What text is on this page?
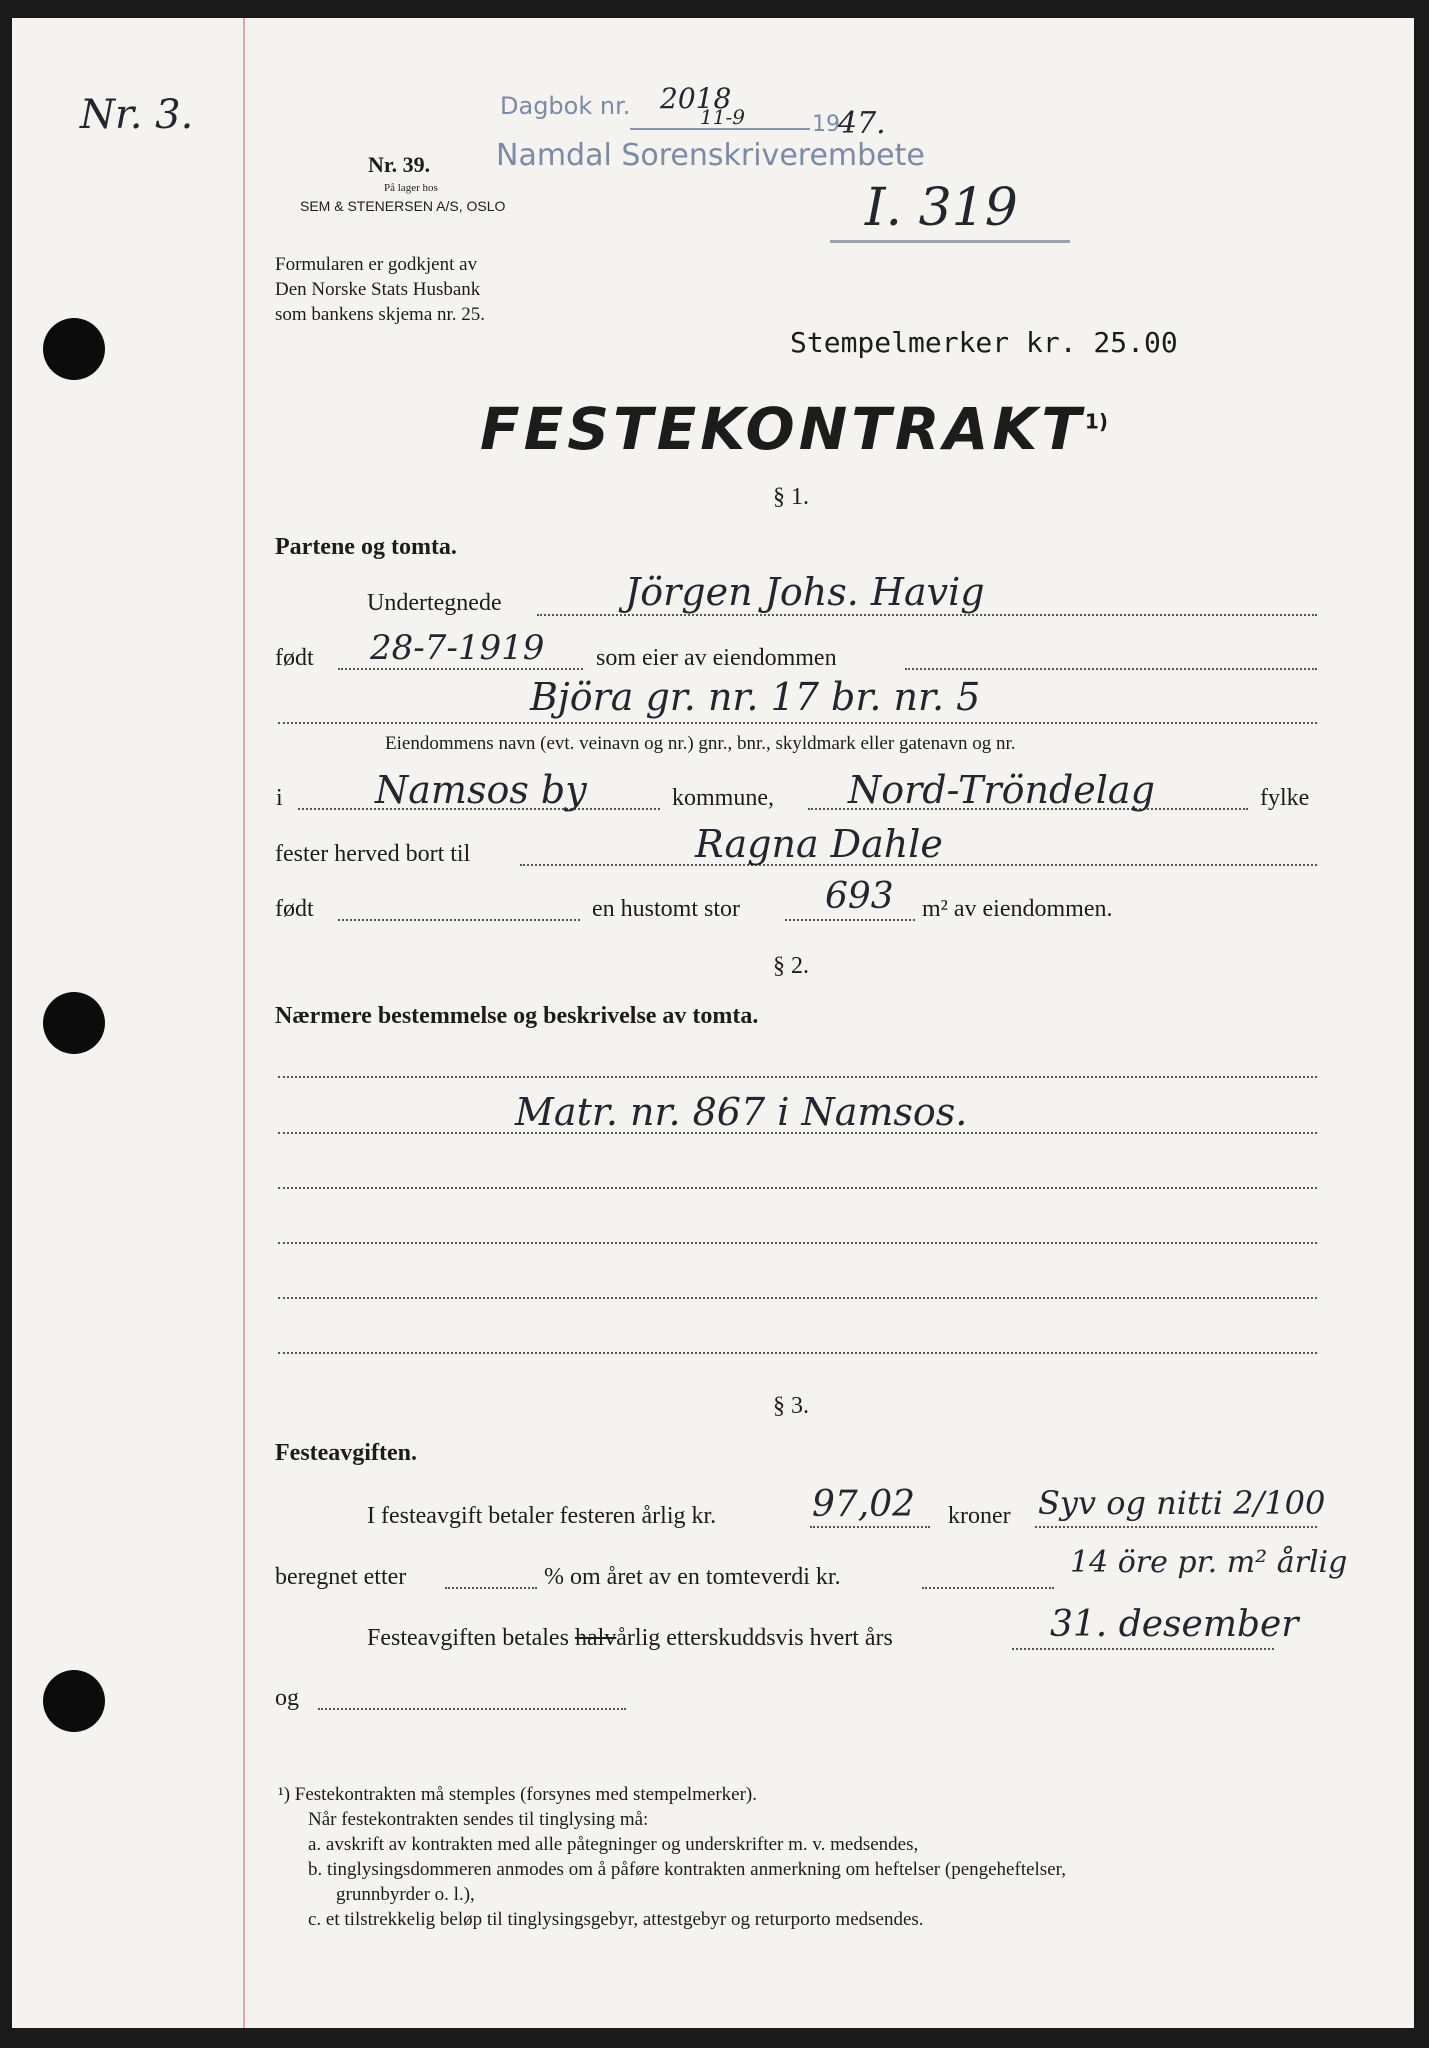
Nr. 3.	Dagbok nr. 2018
11-9	19
47.
Namdal Sorenskriverembete
I. 319
Nr. 39.
På lager hos
SEM & STENERSEN A/S, OSLO
Formularen er godkjent av
Den Norske Stats Husbank
som bankens skjema nr. 25.
Stempelmerker kr. 25.00
FESTEKONTRAKT$^{1)}$
§ 1.
Partene og tomta.
Undertegnede	Jörgen Johs. Havig
født 28-7-1919 som eier av eiendommen
Björa gr. nr. 17 br. nr. 5
Eiendommens navn (evt. veinavn og nr.) gnr., bnr., skyldmark eller gatenavn og nr.
i Namsos by	kommune, Nord-Tröndelag	fylke
fester herved bort til	Ragna Dahle
født	en hustomt stor 693 m² av eiendommen.
§ 2.
Nærmere bestemmelse og beskrivelse av tomta.
Matr. nr. 867 i Namsos.
§ 3.
Festeavgiften.
I festeavgift betaler festeren årlig kr.	97,02 kroner Syv og nitti 2/100
beregnet etter	% om året av en tomteverdi kr.	14 öre pr. m² årlig
Festeavgiften betales halvårlig etterskuddsvis hvert års	31. desember
og
¹) Festekontrakten må stemples (forsynes med stempelmerker).
Når festekontrakten sendes til tinglysing må:
a. avskrift av kontrakten med alle påtegninger og underskrifter m. v. medsendes,
b. tinglysingsdommeren anmodes om å påføre kontrakten anmerkning om heftelser (pengeheftelser,
grunnbyrder o. l.),
c. et tilstrekkelig beløp til tinglysingsgebyr, attestgebyr og returporto medsendes.
